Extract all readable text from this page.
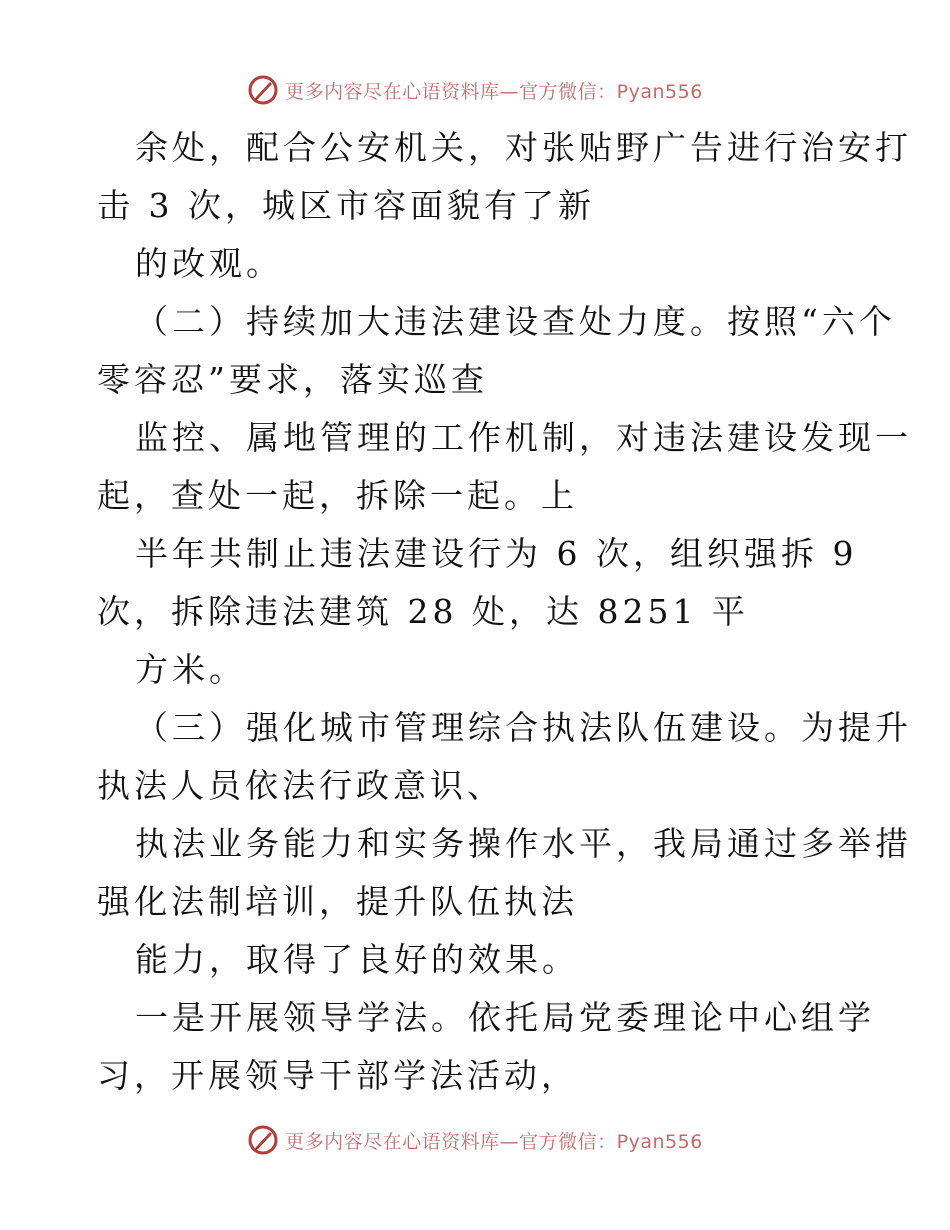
更多内容尽在心语资料库—官方微信：Pyan556
余处，配合公安机关，对张贴野广告进行治安打
击 3 次，城区市容面貌有了新
的改观。
（二）持续加大违法建设查处力度。按照“六个
零容忍”要求，落实巡查
监控、属地管理的工作机制，对违法建设发现一
起，查处一起，拆除一起。上
半年共制止违法建设行为 6 次，组织强拆 9
次，拆除违法建筑 28 处，达 8251 平
方米。
（三）强化城市管理综合执法队伍建设。为提升
执法人员依法行政意识、
执法业务能力和实务操作水平，我局通过多举措
强化法制培训，提升队伍执法
能力，取得了良好的效果。
一是开展领导学法。依托局党委理论中心组学
习，开展领导干部学法活动，
更多内容尽在心语资料库—官方微信：Pyan556
